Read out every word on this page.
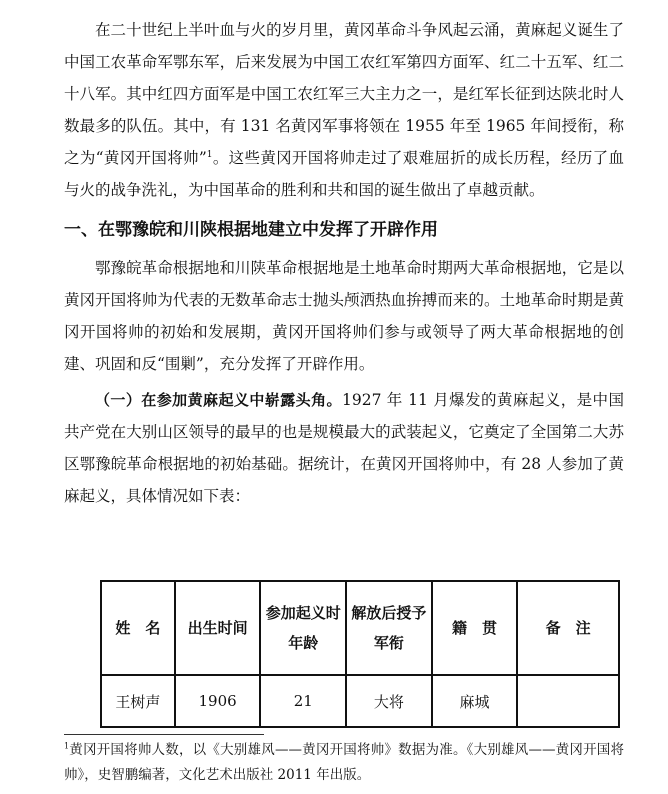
在二十世纪上半叶血与火的岁月里，黄冈革命斗争风起云涌，黄麻起义诞生了中国工农革命军鄂东军，后来发展为中国工农红军第四方面军、红二十五军、红二十八军。其中红四方面军是中国工农红军三大主力之一，是红军长征到达陕北时人数最多的队伍。其中，有 131 名黄冈军事将领在 1955 年至 1965 年间授衔，称之为“黄冈开国将帅”$^1$。这些黄冈开国将帅走过了艰难屈折的成长历程，经历了血与火的战争洗礼，为中国革命的胜利和共和国的诞生做出了卓越贡献。
一、在鄂豫皖和川陕根据地建立中发挥了开辟作用
鄂豫皖革命根据地和川陕革命根据地是土地革命时期两大革命根据地，它是以黄冈开国将帅为代表的无数革命志士抛头颅洒热血拚搏而来的。土地革命时期是黄冈开国将帅的初始和发展期，黄冈开国将帅们参与或领导了两大革命根据地的创建、巩固和反“围剿”，充分发挥了开辟作用。
（一）在参加黄麻起义中崭露头角。1927 年 11 月爆发的黄麻起义，是中国共产党在大别山区领导的最早的也是规模最大的武装起义，它奠定了全国第二大苏区鄂豫皖革命根据地的初始基础。据统计，在黄冈开国将帅中，有 28 人参加了黄麻起义，具体情况如下表：
姓　名	出生时间	参加起义时年龄	解放后授予军衔	籍　贯	备　注
王树声	1906	21	大将	麻城	
$^1$黄冈开国将帅人数，以《大别雄风——黄冈开国将帅》数据为准。《大别雄风——黄冈开国将帅》，史智鹏编著，文化艺术出版社 2011 年出版。
